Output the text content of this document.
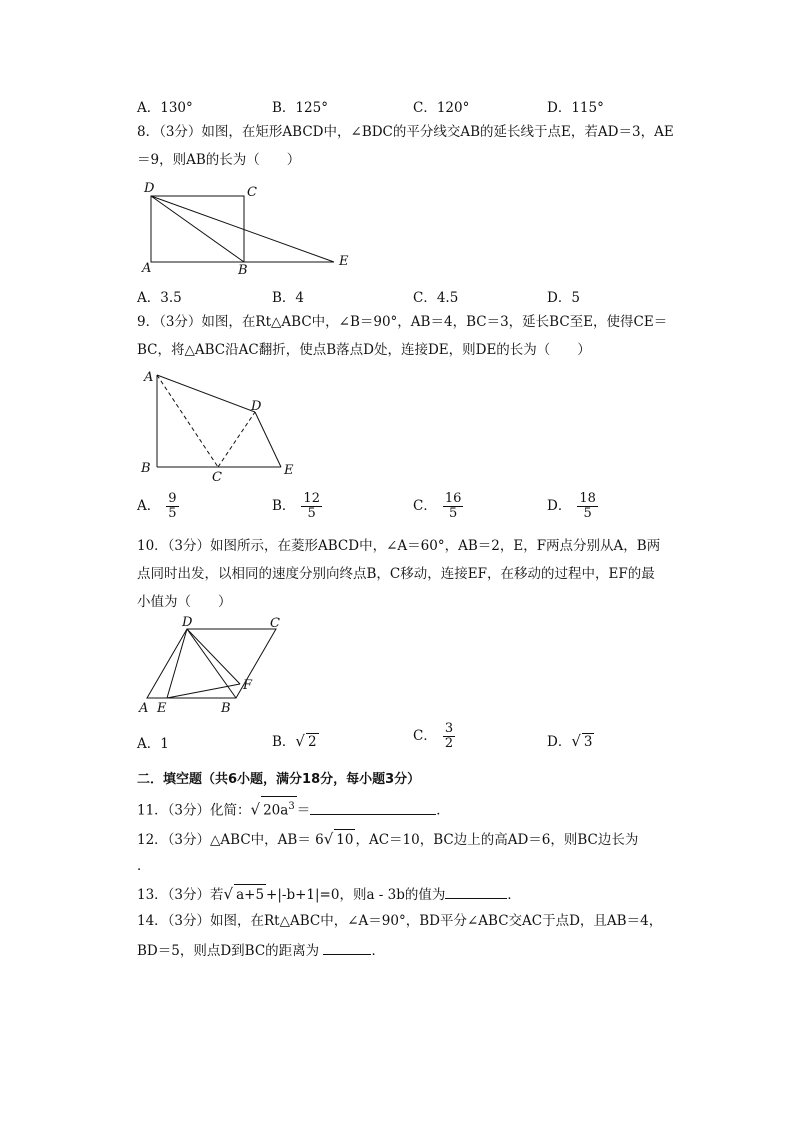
A．130°	B．125°	C．120°	D．115°
8．（3分）如图，在矩形ABCD中，∠BDC的平分线交AB的延长线于点E，若AD＝3，AE
＝9，则AB的长为（　　）
D	C
A	B
E
A．3.5	B．4	C．4.5	D．5
9．（3分）如图，在Rt△ABC中，∠B＝90°，AB＝4，BC＝3，延长BC至E，使得CE＝
BC，将△ABC沿AC翻折，使点B落点D处，连接DE，则DE的长为（　　）
A
D
B
C	E
A． $\frac{9}{5}$	B． $\frac{12}{5}$	C． $\frac{16}{5}$	D． $\frac{18}{5}$
10．（3分）如图所示，在菱形ABCD中，∠A＝60°，AB＝2，E，F两点分别从A，B两
点同时出发，以相同的速度分别向终点B，C移动，连接EF，在移动的过程中，EF的最
小值为（　　）
D	C
F
A E	B
A．1	B．√ 2	C． $\frac{3}{2}$	D．√ 3
二．填空题（共6小题，满分18分，每小题3分）
11．（3分）化简：√ $20a^3$ ＝	．
12．（3分）△ABC中，AB＝ 6√ 10 ，AC＝10，BC边上的高AD＝6，则BC边长为
．
13．（3分）若√ a+5 +|-b+1|=0，则a - 3b的值为	．
14．（3分）如图，在Rt△ABC中，∠A＝90°，BD平分∠ABC交AC于点D，且AB＝4，
BD＝5，则点D到BC的距离为	．
